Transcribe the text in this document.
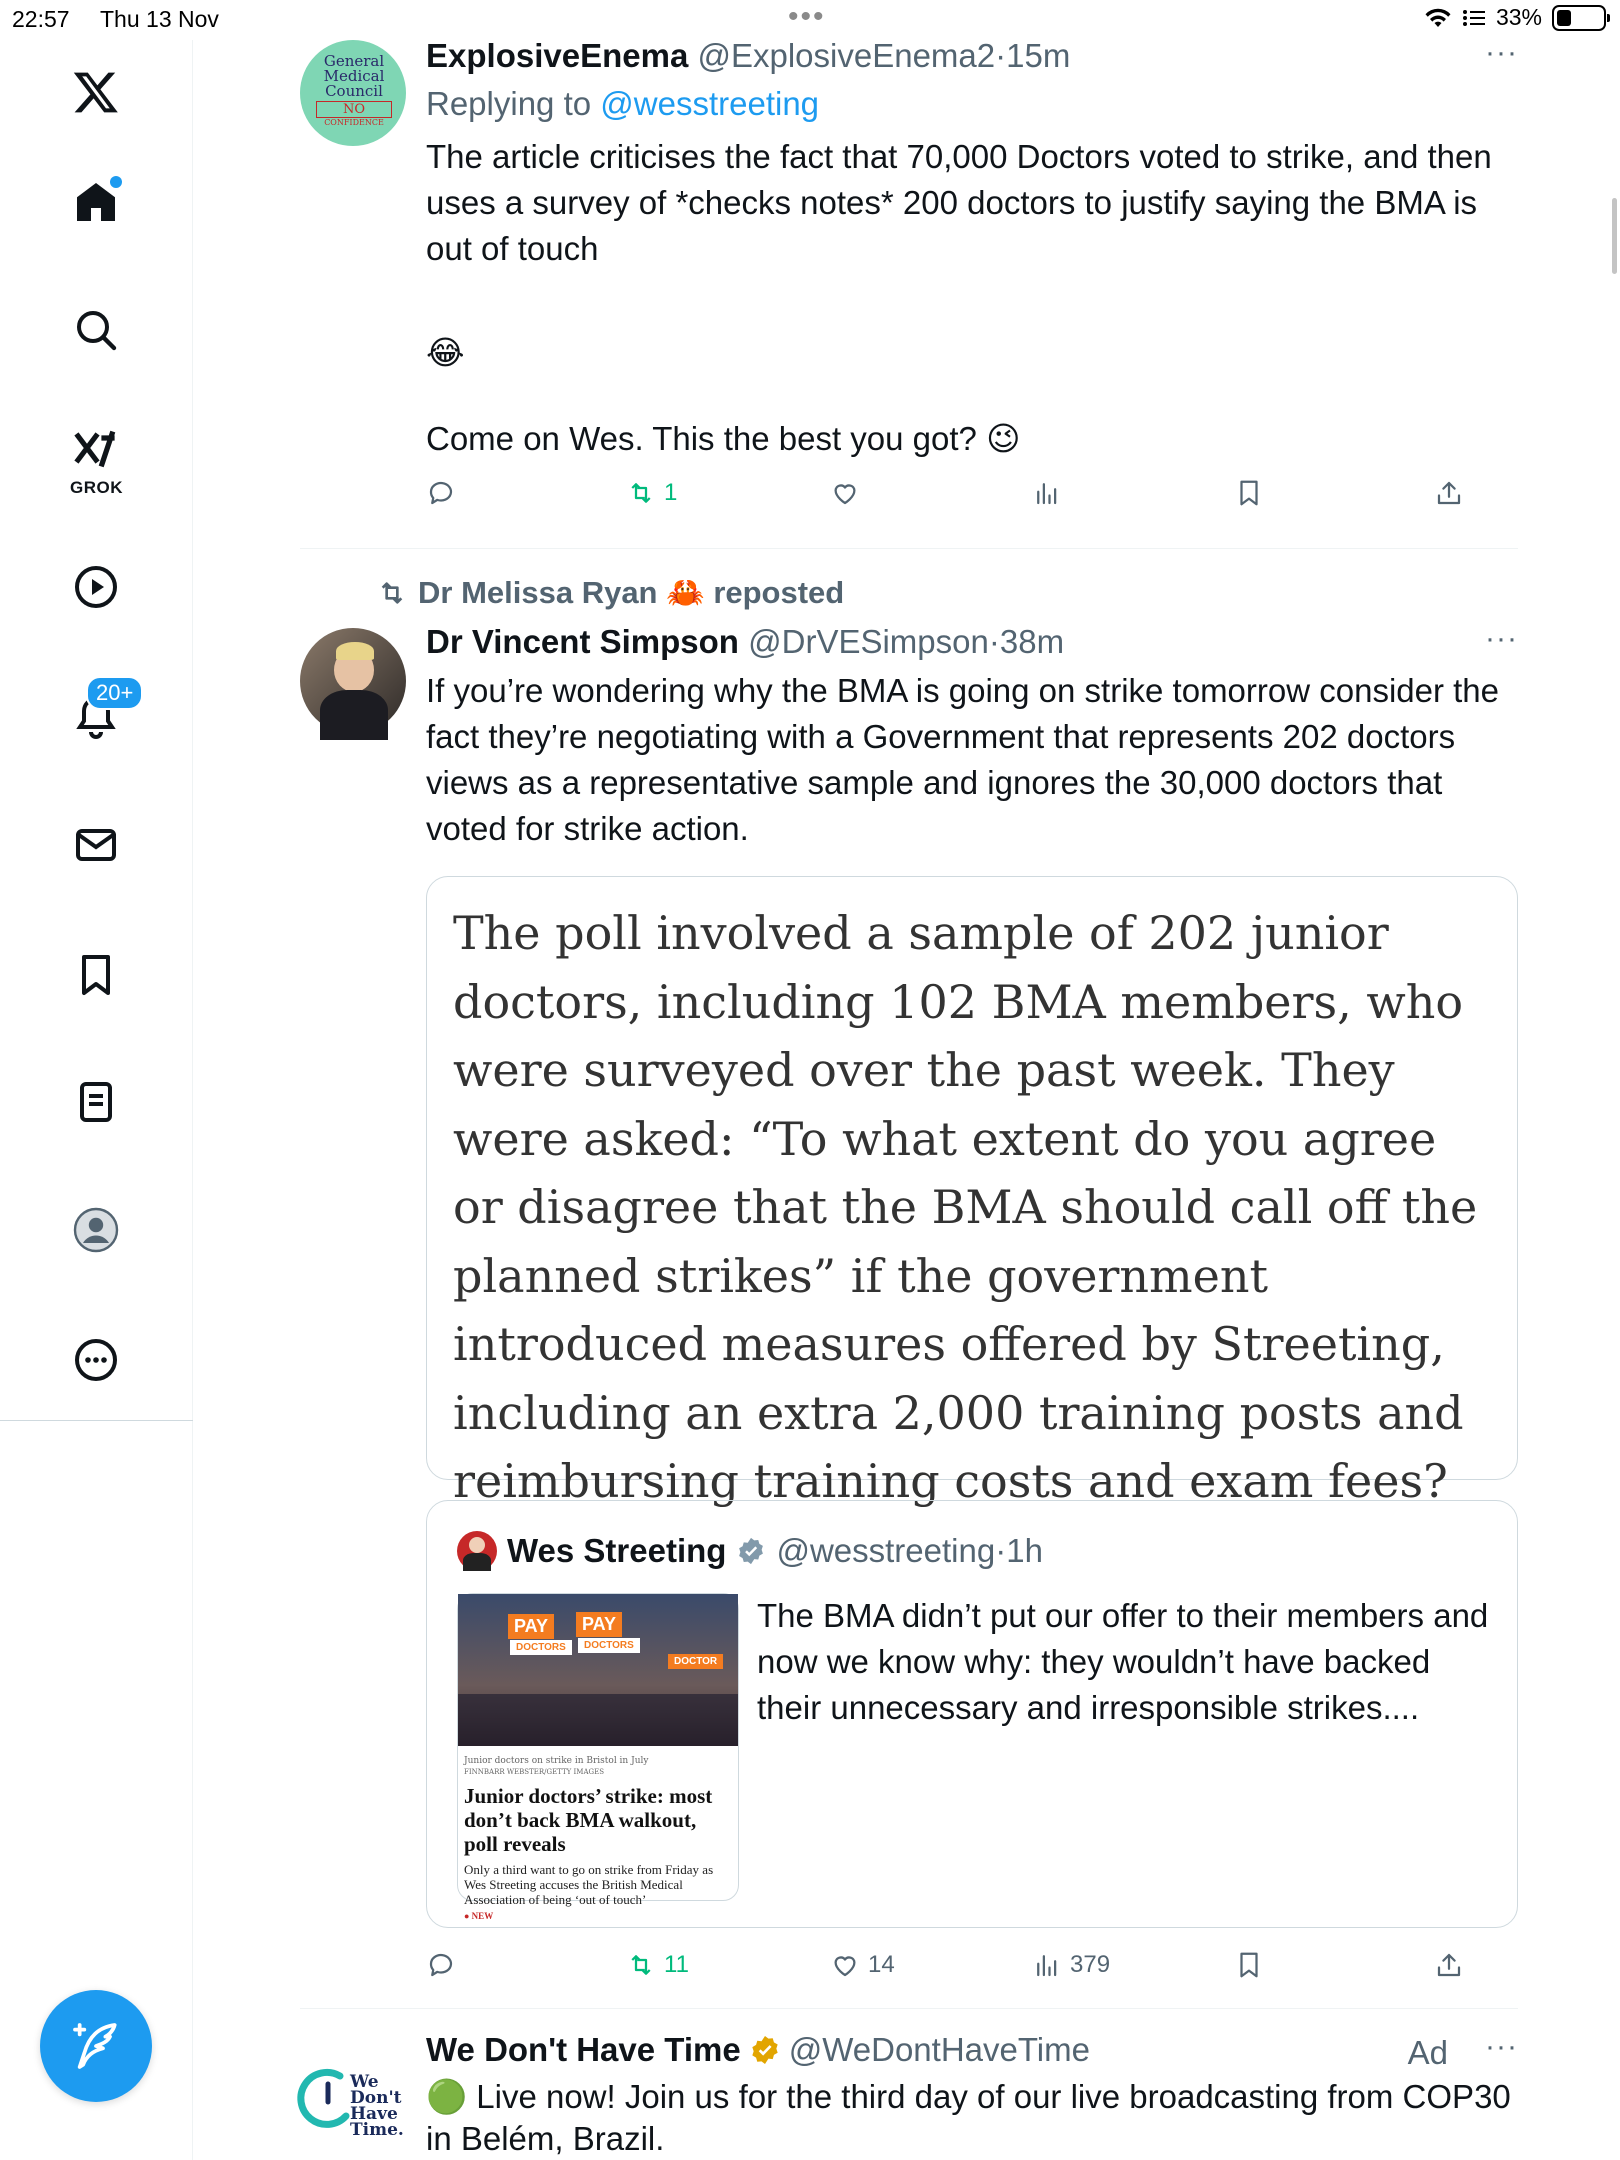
22:57 Thu 13 Nov	•••	33%
GROK
20+
General
Medical
Council
NO
CONFIDENCE
ExplosiveEnema @ExplosiveEnema2·15m	···
Replying to @wesstreeting
The article criticises the fact that 70,000 Doctors voted to strike, and then uses a survey of *checks notes* 200 doctors to justify saying the BMA is out of touch
😂
Come on Wes. This the best you got? 😉
1
Dr Melissa Ryan 🦀 reposted
Dr Vincent Simpson @DrVESimpson·38m	···
If you’re wondering why the BMA is going on strike tomorrow consider the fact they’re negotiating with a Government that represents 202 doctors views as a representative sample and ignores the 30,000 doctors that voted for strike action.
The poll involved a sample of 202 junior doctors, including 102 BMA members, who were surveyed over the past week. They were asked: “To what extent do you agree or disagree that the BMA should call off the planned strikes” if the government introduced measures offered by Streeting, including an extra 2,000 training posts and reimbursing training costs and exam fees?
Wes Streeting @wesstreeting · 1h
PAY	PAY
DOCTORS	DOCTORS
DOCTOR
Junior doctors on strike in Bristol in July
FINNBARR WEBSTER/GETTY IMAGES
Junior doctors’ strike: most don’t back BMA walkout, poll reveals
Only a third want to go on strike from Friday as Wes Streeting accuses the British Medical Association of being ‘out of touch’
● NEW
The BMA didn’t put our offer to their members and now we know why: they wouldn’t have backed their unnecessary and irresponsible strikes....
11	14	379
We
Don't
Have
Time.
We Don't Have Time @WeDontHaveTime	···
🟢 Live now! Join us for the third day of our live broadcasting from COP30 in Belém, Brazil.
Ad
